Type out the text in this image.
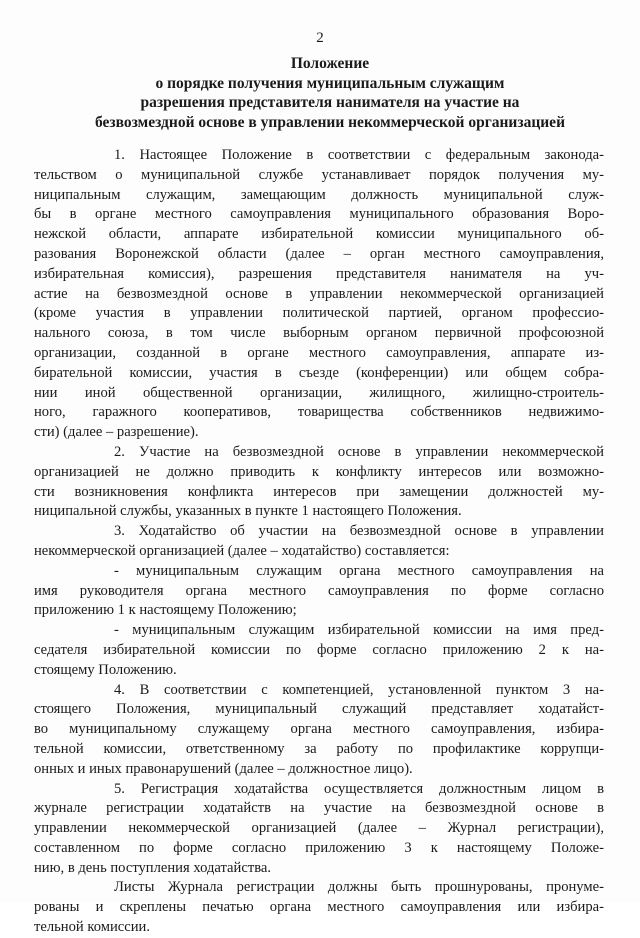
2
Положение
о порядке получения муниципальным служащим
разрешения представителя нанимателя на участие на
безвозмездной основе в управлении некоммерческой организацией
1. Настоящее Положение в соответствии с федеральным законода-
тельством о муниципальной службе устанавливает порядок получения му-
ниципальным служащим, замещающим должность муниципальной служ-
бы в органе местного самоуправления муниципального образования Воро-
нежской области, аппарате избирательной комиссии муниципального об-
разования Воронежской области (далее – орган местного самоуправления,
избирательная комиссия), разрешения представителя нанимателя на уч-
астие на безвозмездной основе в управлении некоммерческой организацией
(кроме участия в управлении политической партией, органом профессио-
нального союза, в том числе выборным органом первичной профсоюзной
организации, созданной в органе местного самоуправления, аппарате из-
бирательной комиссии, участия в съезде (конференции) или общем собра-
нии иной общественной организации, жилищного, жилищно-строитель-
ного, гаражного кооперативов, товарищества собственников недвижимо-
сти) (далее – разрешение).
2. Участие на безвозмездной основе в управлении некоммерческой
организацией не должно приводить к конфликту интересов или возможно-
сти возникновения конфликта интересов при замещении должностей му-
ниципальной службы, указанных в пункте 1 настоящего Положения.
3. Ходатайство об участии на безвозмездной основе в управлении
некоммерческой организацией (далее – ходатайство) составляется:
- муниципальным служащим органа местного самоуправления на
имя руководителя органа местного самоуправления по форме согласно
приложению 1 к настоящему Положению;
- муниципальным служащим избирательной комиссии на имя пред-
седателя избирательной комиссии по форме согласно приложению 2 к на-
стоящему Положению.
4. В соответствии с компетенцией, установленной пунктом 3 на-
стоящего Положения, муниципальный служащий представляет ходатайст-
во муниципальному служащему органа местного самоуправления, избира-
тельной комиссии, ответственному за работу по профилактике коррупци-
онных и иных правонарушений (далее – должностное лицо).
5. Регистрация ходатайства осуществляется должностным лицом в
журнале регистрации ходатайств на участие на безвозмездной основе в
управлении некоммерческой организацией (далее – Журнал регистрации),
составленном по форме согласно приложению 3 к настоящему Положе-
нию, в день поступления ходатайства.
Листы Журнала регистрации должны быть прошнурованы, пронуме-
рованы и скреплены печатью органа местного самоуправления или избира-
тельной комиссии.
